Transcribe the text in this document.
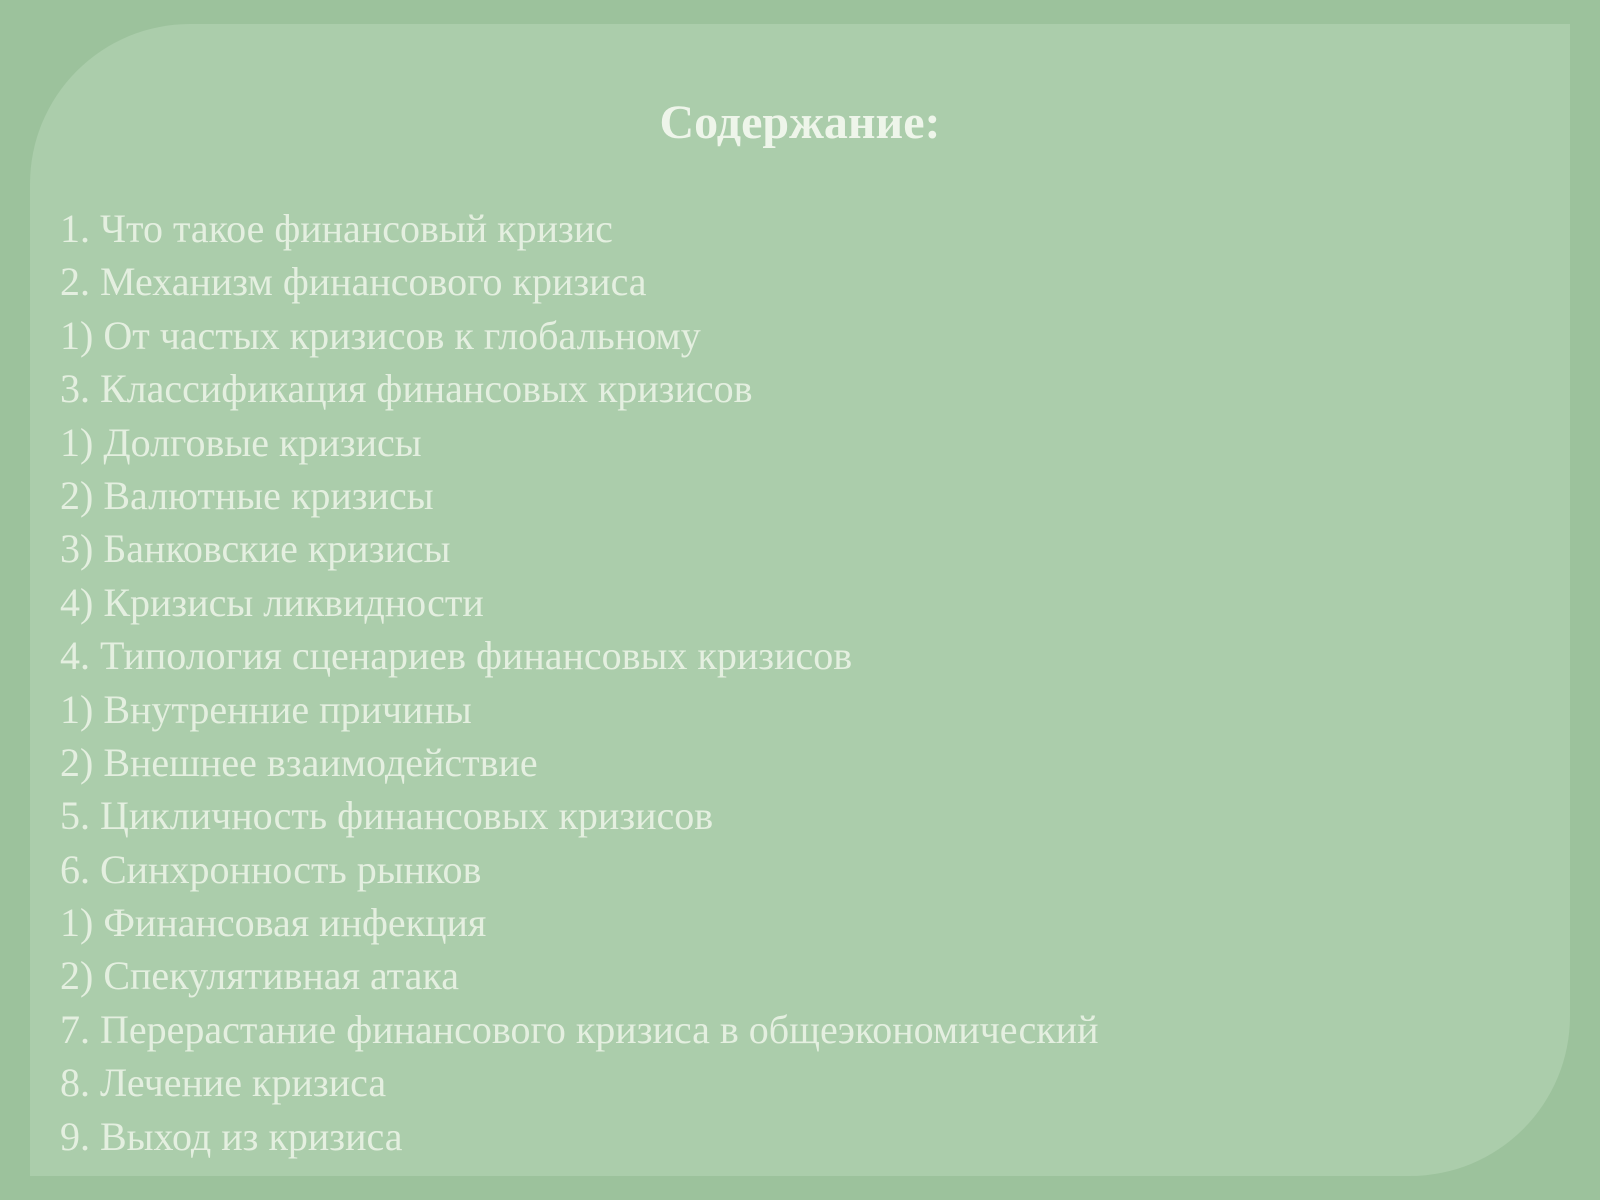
Содержание:
1. Что такое финансовый кризис
2. Механизм финансового кризиса
1) От частых кризисов к глобальному
3. Классификация финансовых кризисов
1) Долговые кризисы
2) Валютные кризисы
3) Банковские кризисы
4) Кризисы ликвидности
4. Типология сценариев финансовых кризисов
1) Внутренние причины
2) Внешнее взаимодействие
5. Цикличность финансовых кризисов
6. Синхронность рынков
1) Финансовая инфекция
2) Спекулятивная атака
7. Перерастание финансового кризиса в общеэкономический
8. Лечение кризиса
9. Выход из кризиса
